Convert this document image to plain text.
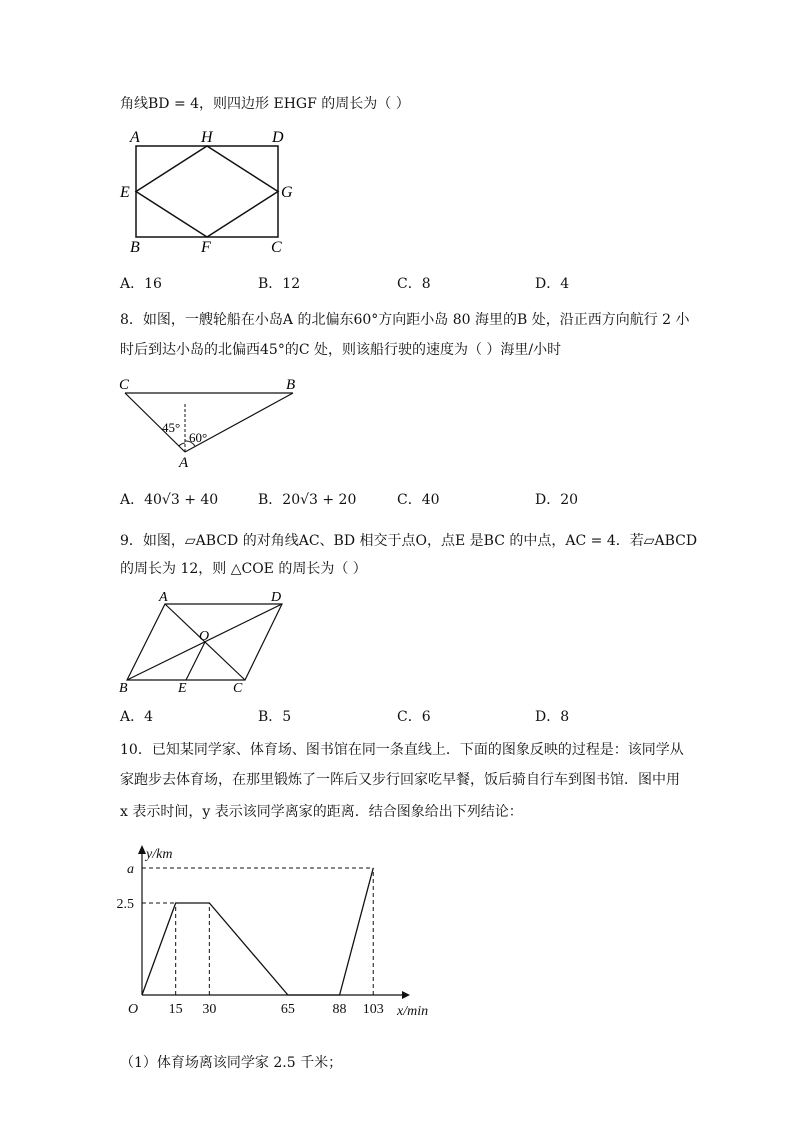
角线BD = 4，则四边形 EHGF 的周长为（ ）
A	H	D
E	G
B	F	C
A．16	B．12	C．8	D．4
8．如图，一艘轮船在小岛A 的北偏东60°方向距小岛 80 海里的B 处，沿正西方向航行 2 小
时后到达小岛的北偏西45°的C 处，则该船行驶的速度为（ ）海里/小时
C	B
A
45°
60°
A．40√3 + 40	B．20√3 + 20	C．40	D．20
9．如图，▱ABCD 的对角线AC、BD 相交于点O，点E 是BC 的中点，AC = 4．若▱ABCD
的周长为 12，则 △COE 的周长为（ ）
A	D
O
B	E	C
A．4	B．5	C．6	D．8
10．已知某同学家、体育场、图书馆在同一条直线上．下面的图象反映的过程是：该同学从
家跑步去体育场，在那里锻炼了一阵后又步行回家吃早餐，饭后骑自行车到图书馆．图中用
x 表示时间，y 表示该同学离家的距离．结合图象给出下列结论：
15 30	65	88 103
2.5
a
O
y/km
x/min
（1）体育场离该同学家 2.5 千米；
